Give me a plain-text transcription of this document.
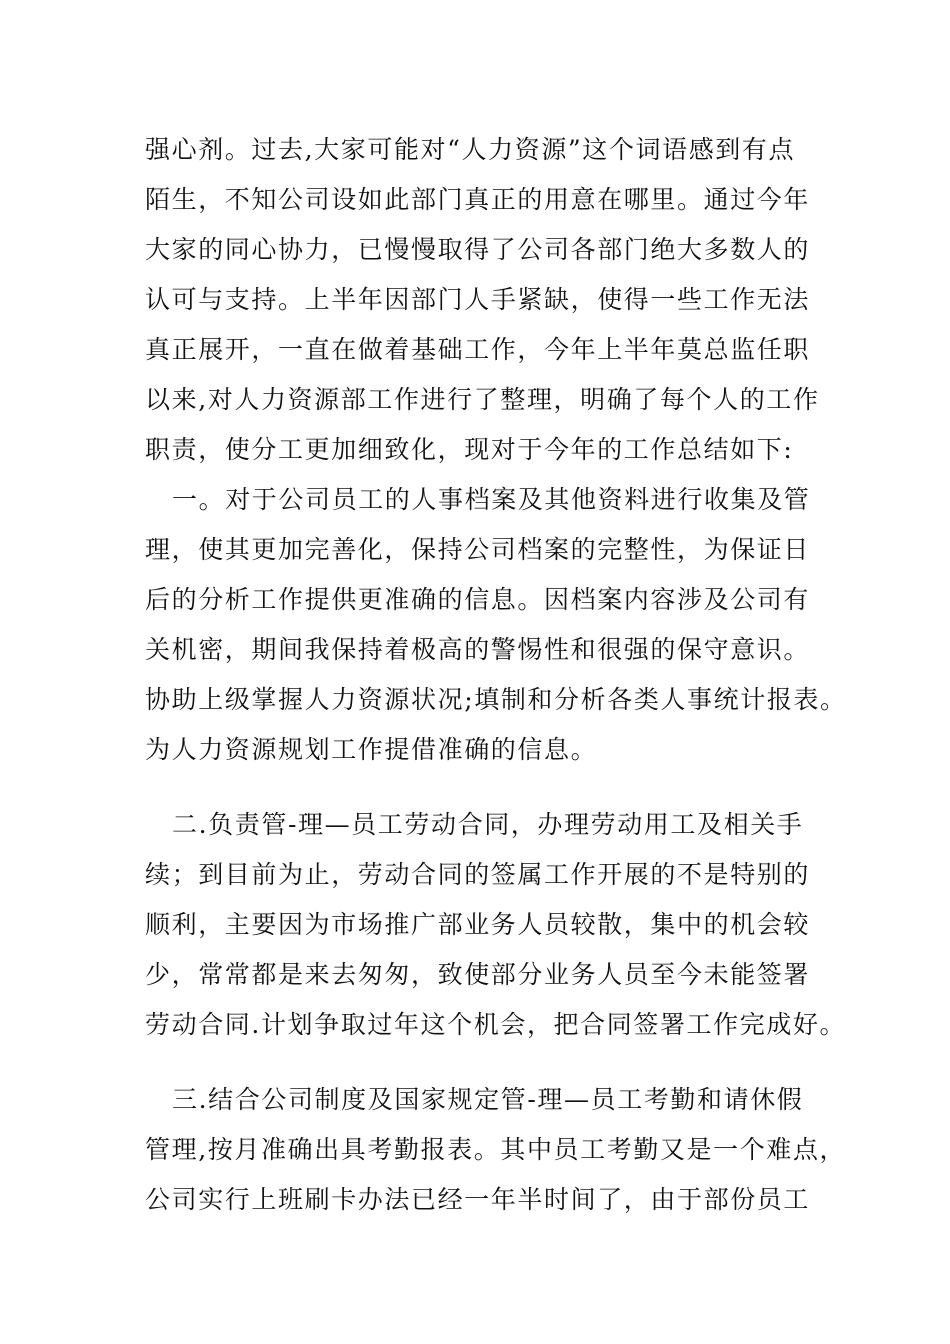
强心剂。过去,大家可能对“人力资源”这个词语感到有点
陌生，不知公司设如此部门真正的用意在哪里。通过今年
大家的同心协力，已慢慢取得了公司各部门绝大多数人的
认可与支持。上半年因部门人手紧缺，使得一些工作无法
真正展开，一直在做着基础工作，今年上半年莫总监任职
以来,对人力资源部工作进行了整理，明确了每个人的工作
职责，使分工更加细致化，现对于今年的工作总结如下:
一。对于公司员工的人事档案及其他资料进行收集及管
理，使其更加完善化，保持公司档案的完整性，为保证日
后的分析工作提供更准确的信息。因档案内容涉及公司有
关机密，期间我保持着极高的警惕性和很强的保守意识。
协助上级掌握人力资源状况;填制和分析各类人事统计报表。
为人力资源规划工作提借准确的信息。
二.负责管-理—员工劳动合同，办理劳动用工及相关手
续；到目前为止，劳动合同的签属工作开展的不是特别的
顺利，主要因为市场推广部业务人员较散，集中的机会较
少，常常都是来去匆匆，致使部分业务人员至今未能签署
劳动合同.计划争取过年这个机会，把合同签署工作完成好。
三.结合公司制度及国家规定管-理—员工考勤和请休假
管理,按月准确出具考勤报表。其中员工考勤又是一个难点，
公司实行上班刷卡办法已经一年半时间了，由于部份员工
